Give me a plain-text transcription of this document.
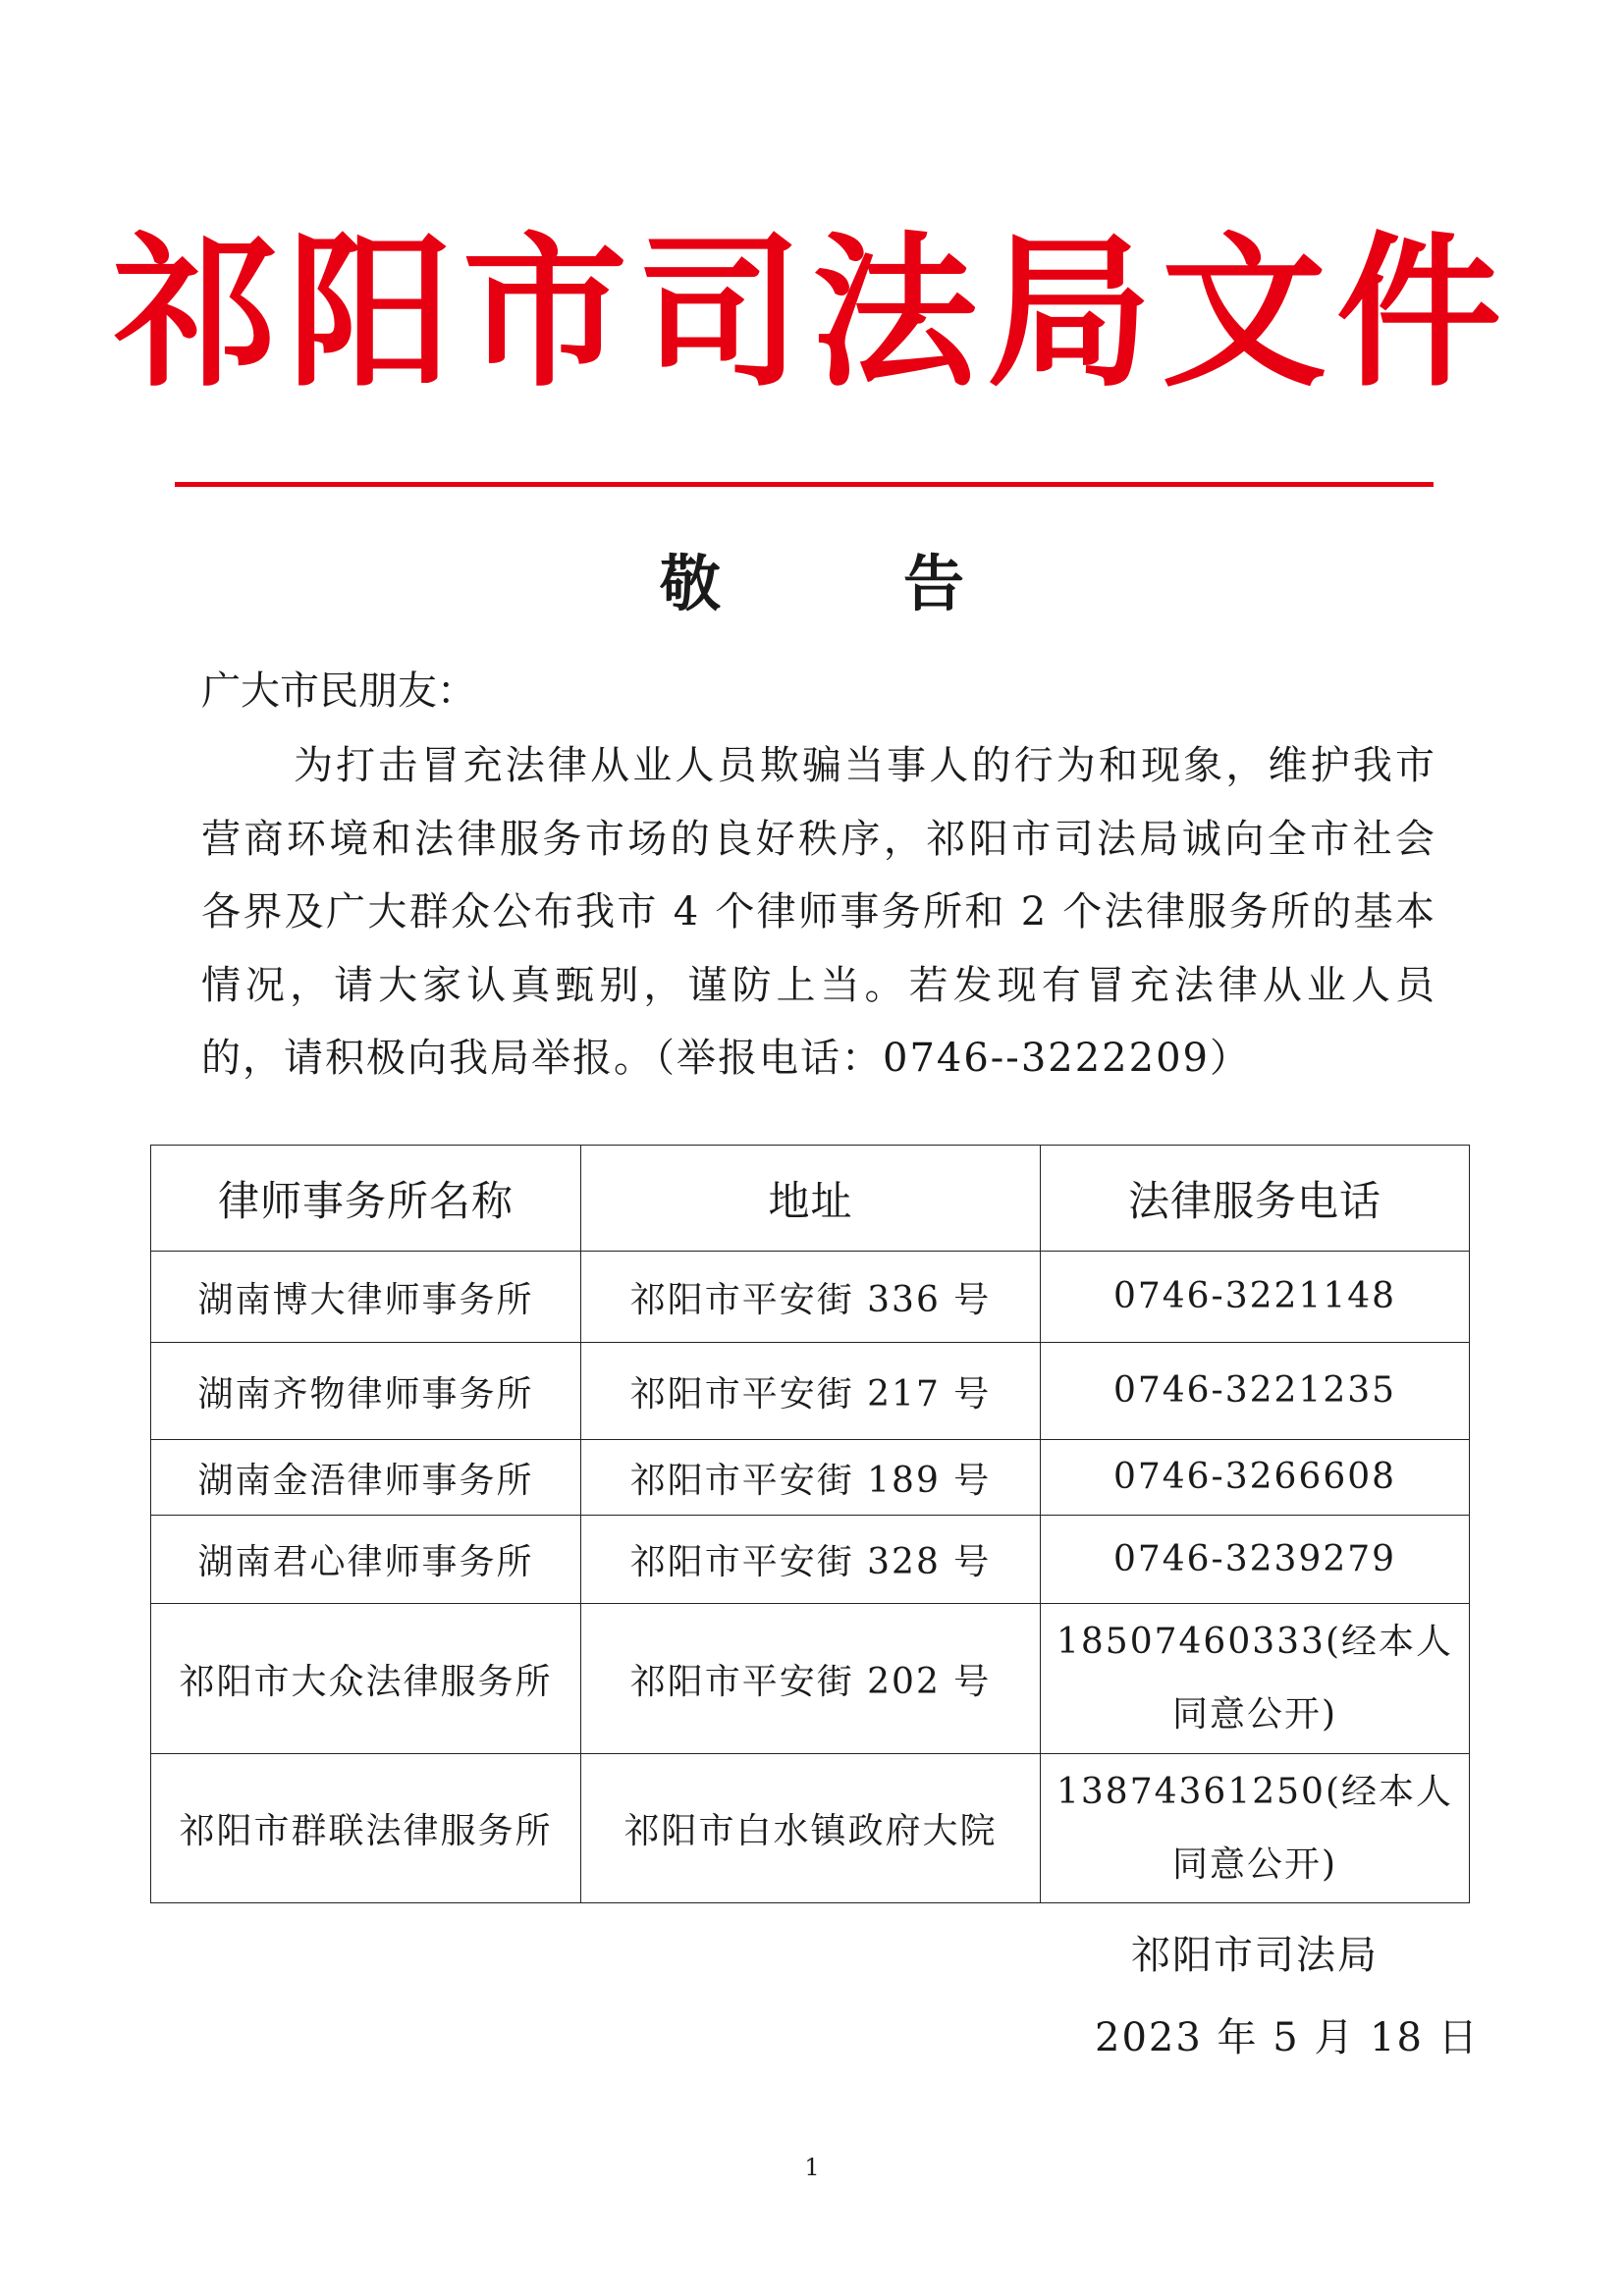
祁阳市司法局文件
敬　　　告
广大市民朋友：
为打击冒充法律从业人员欺骗当事人的行为和现象，维护我市营商环境和法律服务市场的良好秩序，祁阳市司法局诚向全市社会各界及广大群众公布我市 4 个律师事务所和 2 个法律服务所的基本情况，请大家认真甄别，谨防上当。若发现有冒充法律从业人员的，请积极向我局举报。（举报电话：0746--3222209）
律师事务所名称	地址	法律服务电话
湖南博大律师事务所	祁阳市平安街 336 号	0746-3221148
湖南齐物律师事务所	祁阳市平安街 217 号	0746-3221235
湖南金浯律师事务所	祁阳市平安街 189 号	0746-3266608
湖南君心律师事务所	祁阳市平安街 328 号	0746-3239279
祁阳市大众法律服务所	祁阳市平安街 202 号	18507460333(经本人同意公开)
祁阳市群联法律服务所	祁阳市白水镇政府大院	13874361250(经本人同意公开)
祁阳市司法局
2023 年 5 月 18 日
1
